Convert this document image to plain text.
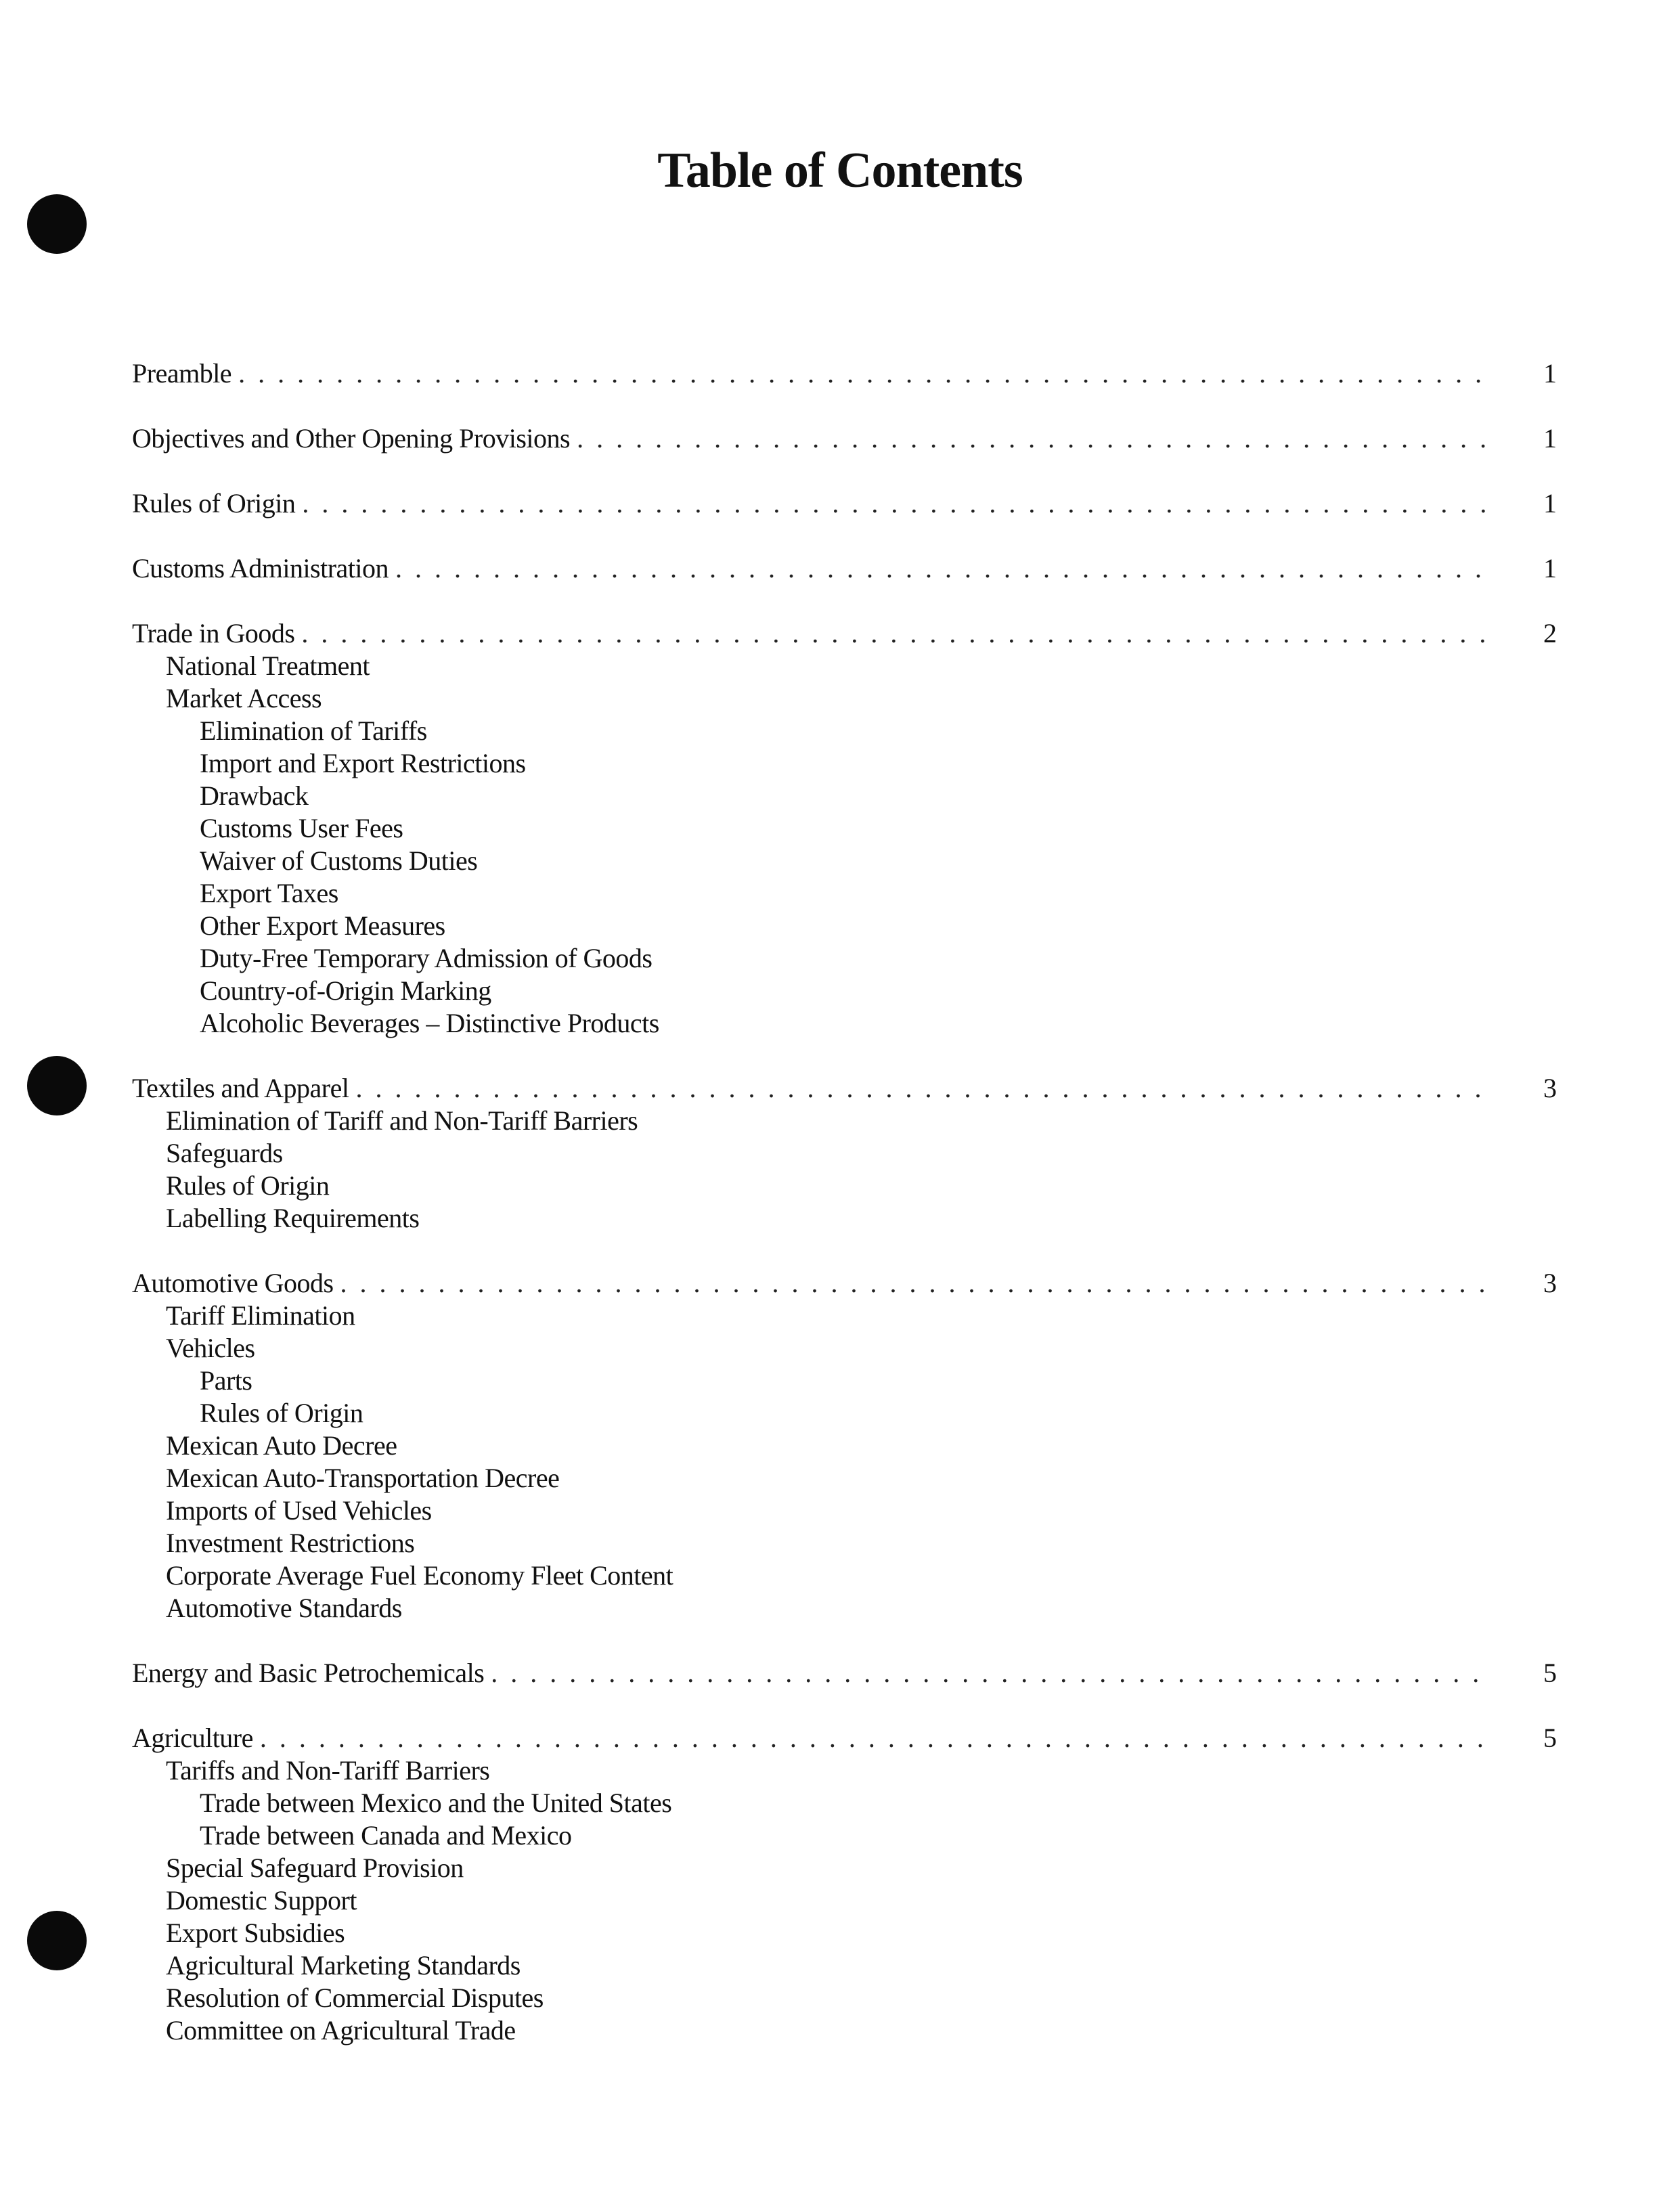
Table of Contents
Preamble . . .	1
Objectives and Other Opening Provisions . . .	1
Rules of Origin . . .	1
Customs Administration . . .	1
Trade in Goods . . .	2
National Treatment
Market Access
Elimination of Tariffs
Import and Export Restrictions
Drawback
Customs User Fees
Waiver of Customs Duties
Export Taxes
Other Export Measures
Duty-Free Temporary Admission of Goods
Country-of-Origin Marking
Alcoholic Beverages – Distinctive Products
Textiles and Apparel . . .	3
Elimination of Tariff and Non-Tariff Barriers
Safeguards
Rules of Origin
Labelling Requirements
Automotive Goods . . .	3
Tariff Elimination
Vehicles
Parts
Rules of Origin
Mexican Auto Decree
Mexican Auto-Transportation Decree
Imports of Used Vehicles
Investment Restrictions
Corporate Average Fuel Economy Fleet Content
Automotive Standards
Energy and Basic Petrochemicals . . .	5
Agriculture . . .	5
Tariffs and Non-Tariff Barriers
Trade between Mexico and the United States
Trade between Canada and Mexico
Special Safeguard Provision
Domestic Support
Export Subsidies
Agricultural Marketing Standards
Resolution of Commercial Disputes
Committee on Agricultural Trade
